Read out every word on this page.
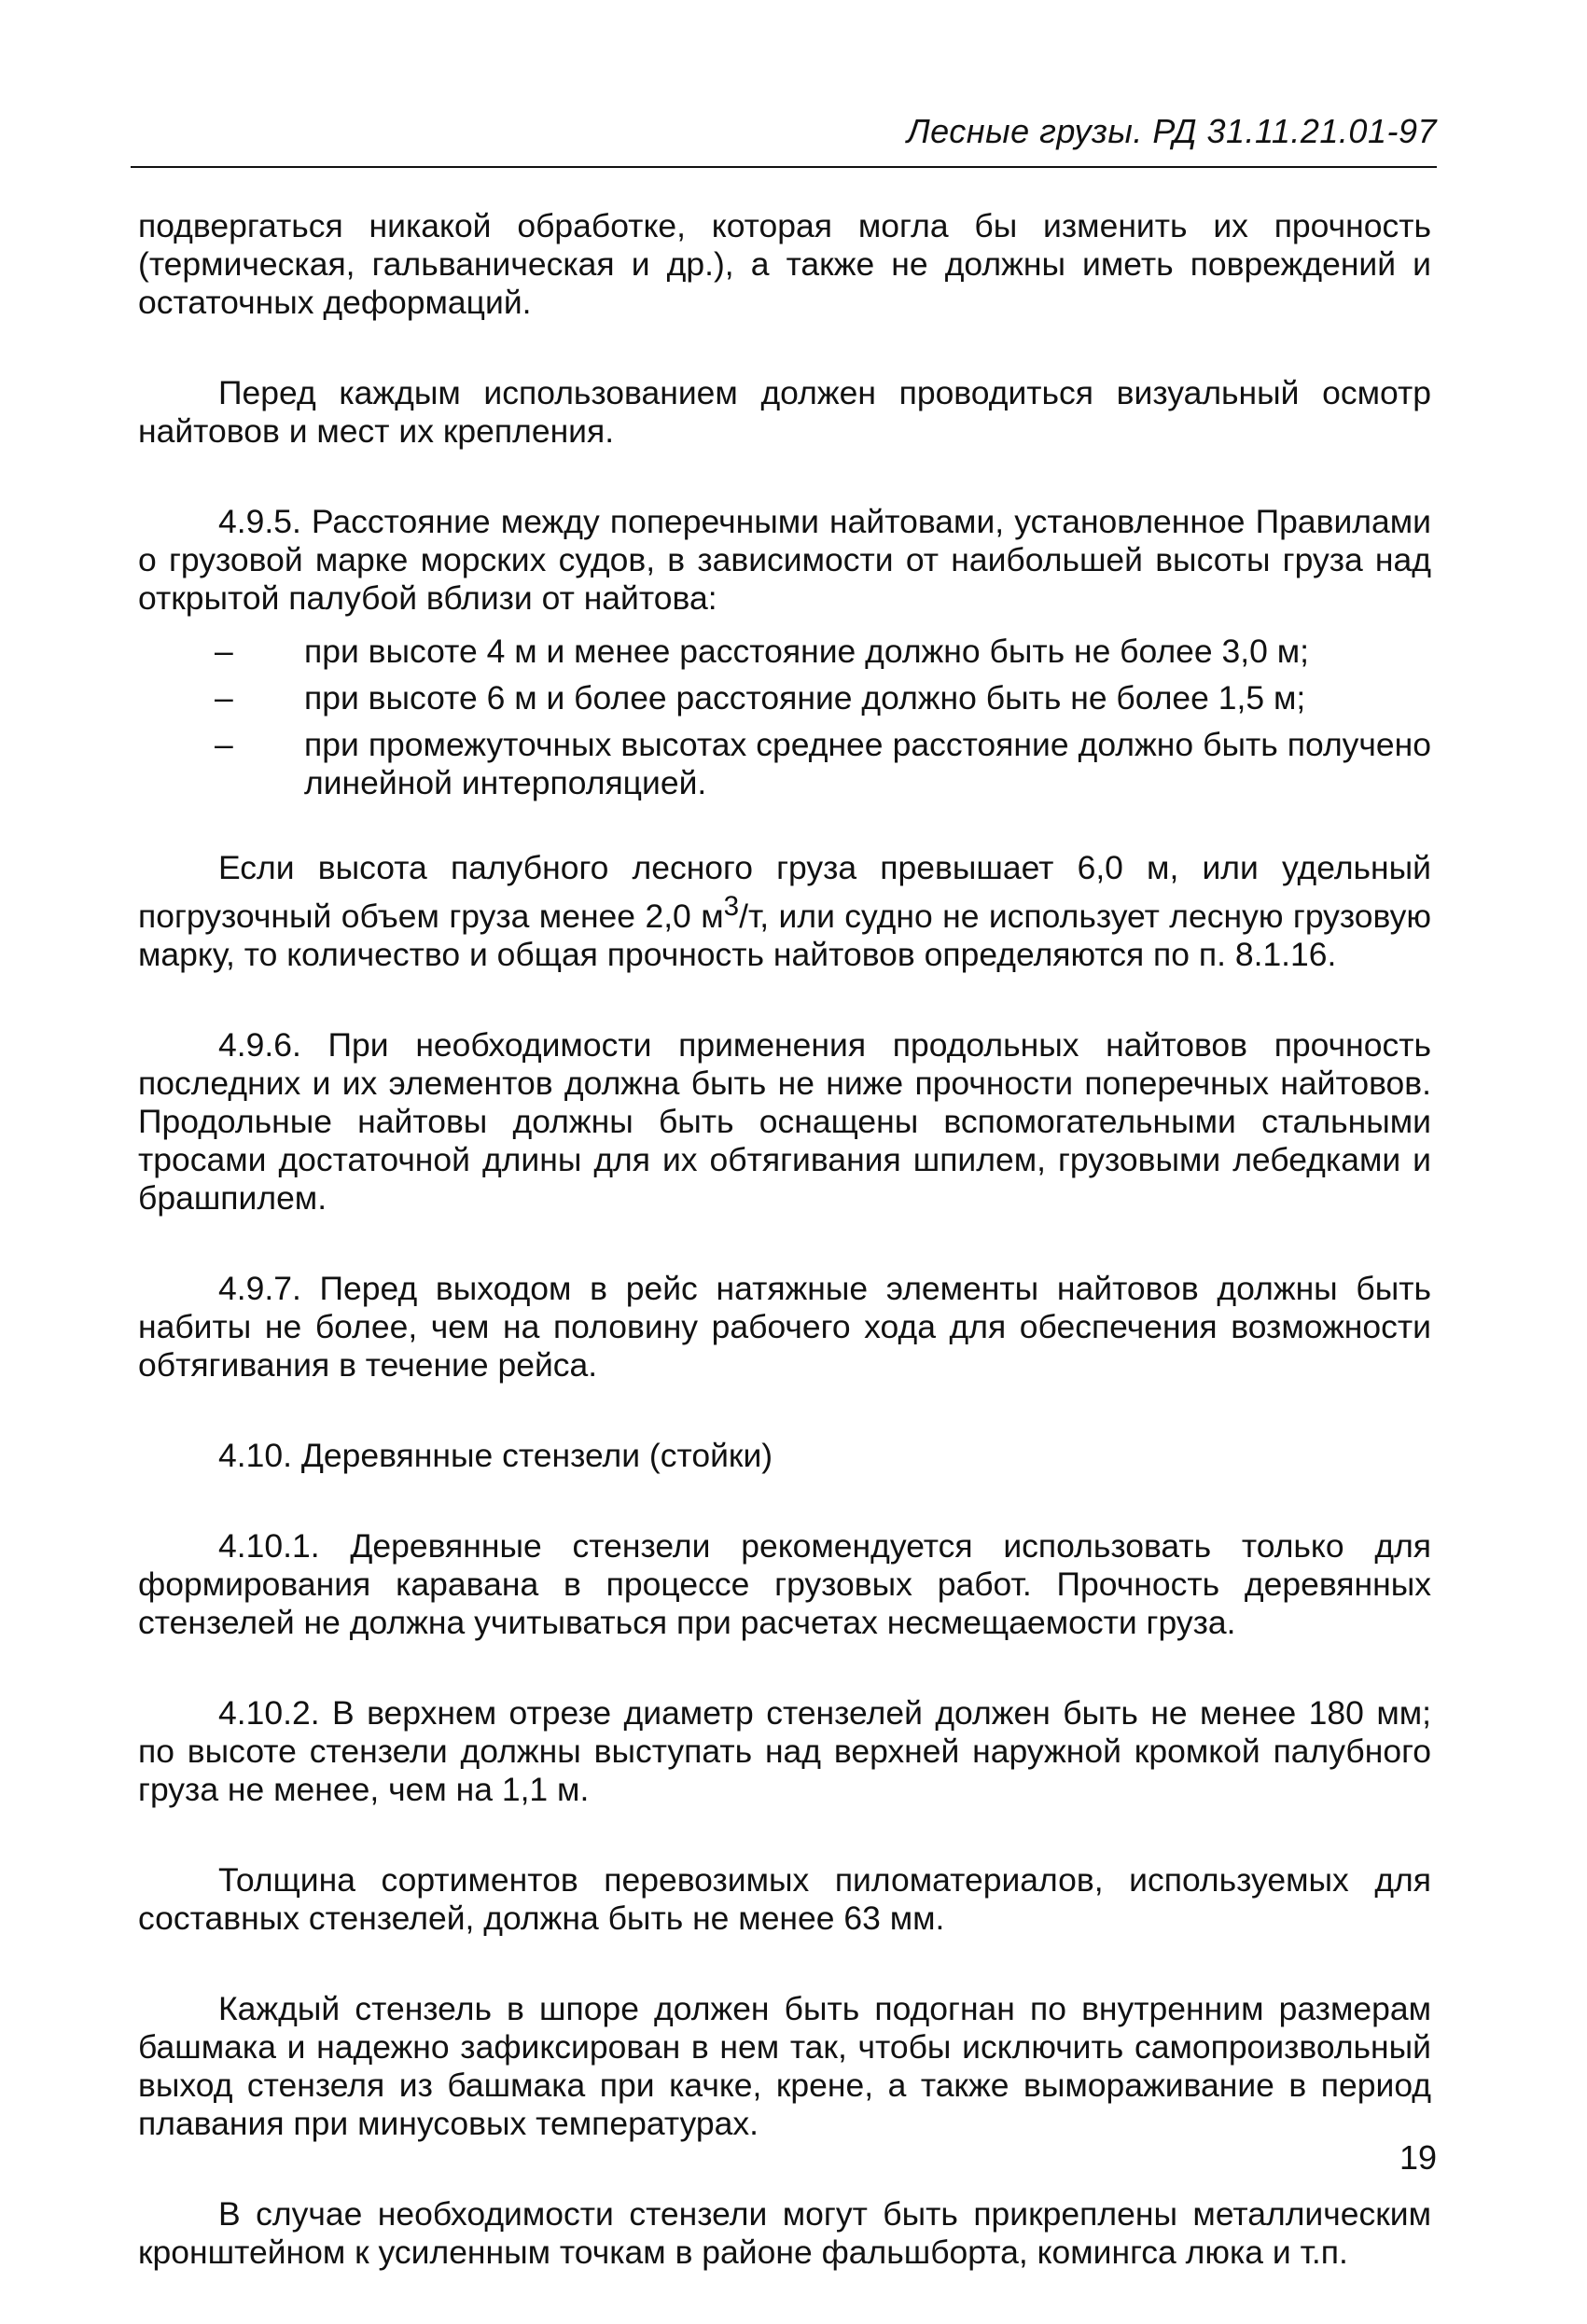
Лесные грузы. РД 31.11.21.01-97

подвергаться никакой обработке, которая могла бы изменить их прочность (термическая, гальваническая и др.), а также не должны иметь повреждений и остаточных деформаций.

Перед каждым использованием должен проводиться визуальный осмотр найтовов и мест их крепления.

4.9.5. Расстояние между поперечными найтовами, установленное Правилами о грузовой марке морских судов, в зависимости от наибольшей высоты груза над открытой палубой вблизи от найтова:

– при высоте 4 м и менее расстояние должно быть не более 3,0 м;
– при высоте 6 м и более расстояние должно быть не более 1,5 м;
– при промежуточных высотах среднее расстояние должно быть получено линейной интерполяцией.

Если высота палубного лесного груза превышает 6,0 м, или удельный погрузочный объем груза менее 2,0 $м^3/т$, или судно не использует лесную грузовую марку, то количество и общая прочность найтовов определяются по п. 8.1.16.

4.9.6. При необходимости применения продольных найтовов прочность последних и их элементов должна быть не ниже прочности поперечных найтовов. Продольные найтовы должны быть оснащены вспомогательными стальными тросами достаточной длины для их обтягивания шпилем, грузовыми лебедками и брашпилем.

4.9.7. Перед выходом в рейс натяжные элементы найтовов должны быть набиты не более, чем на половину рабочего хода для обеспечения возможности обтягивания в течение рейса.

4.10. Деревянные стензели (стойки)

4.10.1. Деревянные стензели рекомендуется использовать только для формирования каравана в процессе грузовых работ. Прочность деревянных стензелей не должна учитываться при расчетах несмещаемости груза.

4.10.2. В верхнем отрезе диаметр стензелей должен быть не менее 180 мм; по высоте стензели должны выступать над верхней наружной кромкой палубного груза не менее, чем на 1,1 м.

Толщина сортиментов перевозимых пиломатериалов, используемых для составных стензелей, должна быть не менее 63 мм.

Каждый стензель в шпоре должен быть подогнан по внутренним размерам башмака и надежно зафиксирован в нем так, чтобы исключить самопроизвольный выход стензеля из башмака при качке, крене, а также вымораживание в период плавания при минусовых температурах.

В случае необходимости стензели могут быть прикреплены металлическим кронштейном к усиленным точкам в районе фальшборта, комингса люка и т.п.

19
